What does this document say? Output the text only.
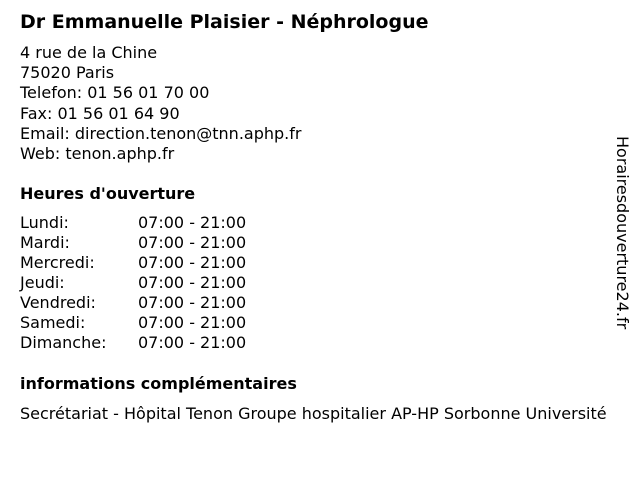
Dr Emmanuelle Plaisier - Néphrologue
4 rue de la Chine
75020 Paris
Telefon: 01 56 01 70 00
Fax: 01 56 01 64 90
Email: direction.tenon@tnn.aphp.fr
Web: tenon.aphp.fr
Heures d'ouverture
Lundi:	07:00 - 21:00
Mardi:	07:00 - 21:00
Mercredi:	07:00 - 21:00
Jeudi:	07:00 - 21:00
Vendredi:	07:00 - 21:00
Samedi:	07:00 - 21:00
Dimanche:	07:00 - 21:00
informations complémentaires
Secrétariat - Hôpital Tenon Groupe hospitalier AP-HP Sorbonne Université
Horairesdouverture24.fr
